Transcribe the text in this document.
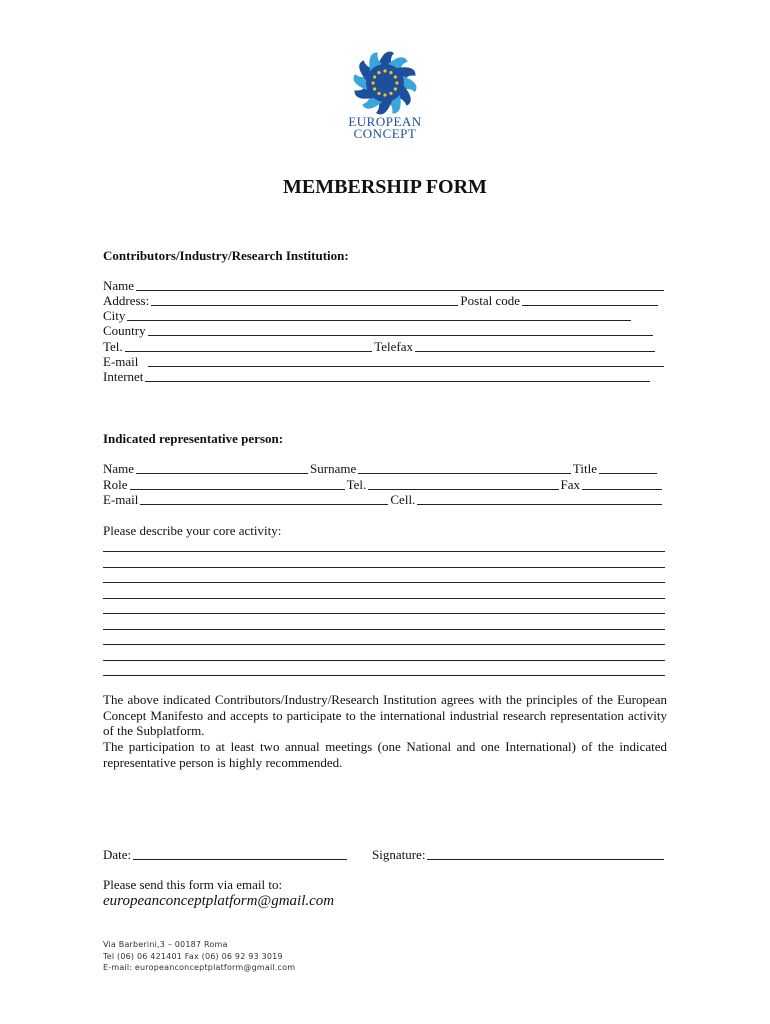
EUROPEAN
CONCEPT
MEMBERSHIP FORM
Contributors/Industry/Research Institution:
Name
Address:	Postal code
City
Country
Tel.	Telefax
E-mail
Internet
Indicated representative person:
Name	Surname	Title
Role	Tel.	Fax
E-mail	Cell.
Please describe your core activity:
The above indicated Contributors/Industry/Research Institution agrees with the principles of the European Concept Manifesto and accepts to participate to the international industrial research representation activity of the Subplatform.
The participation to at least two annual meetings (one National and one International) of the indicated representative person is highly recommended.
Date:	Signature:
Please send this form via email to:
europeanconceptplatform@gmail.com
Via Barberini,3 – 00187 Roma
Tel (06) 06 421401 Fax (06) 06 92 93 3019
E-mail: europeanconceptplatform@gmail.com
